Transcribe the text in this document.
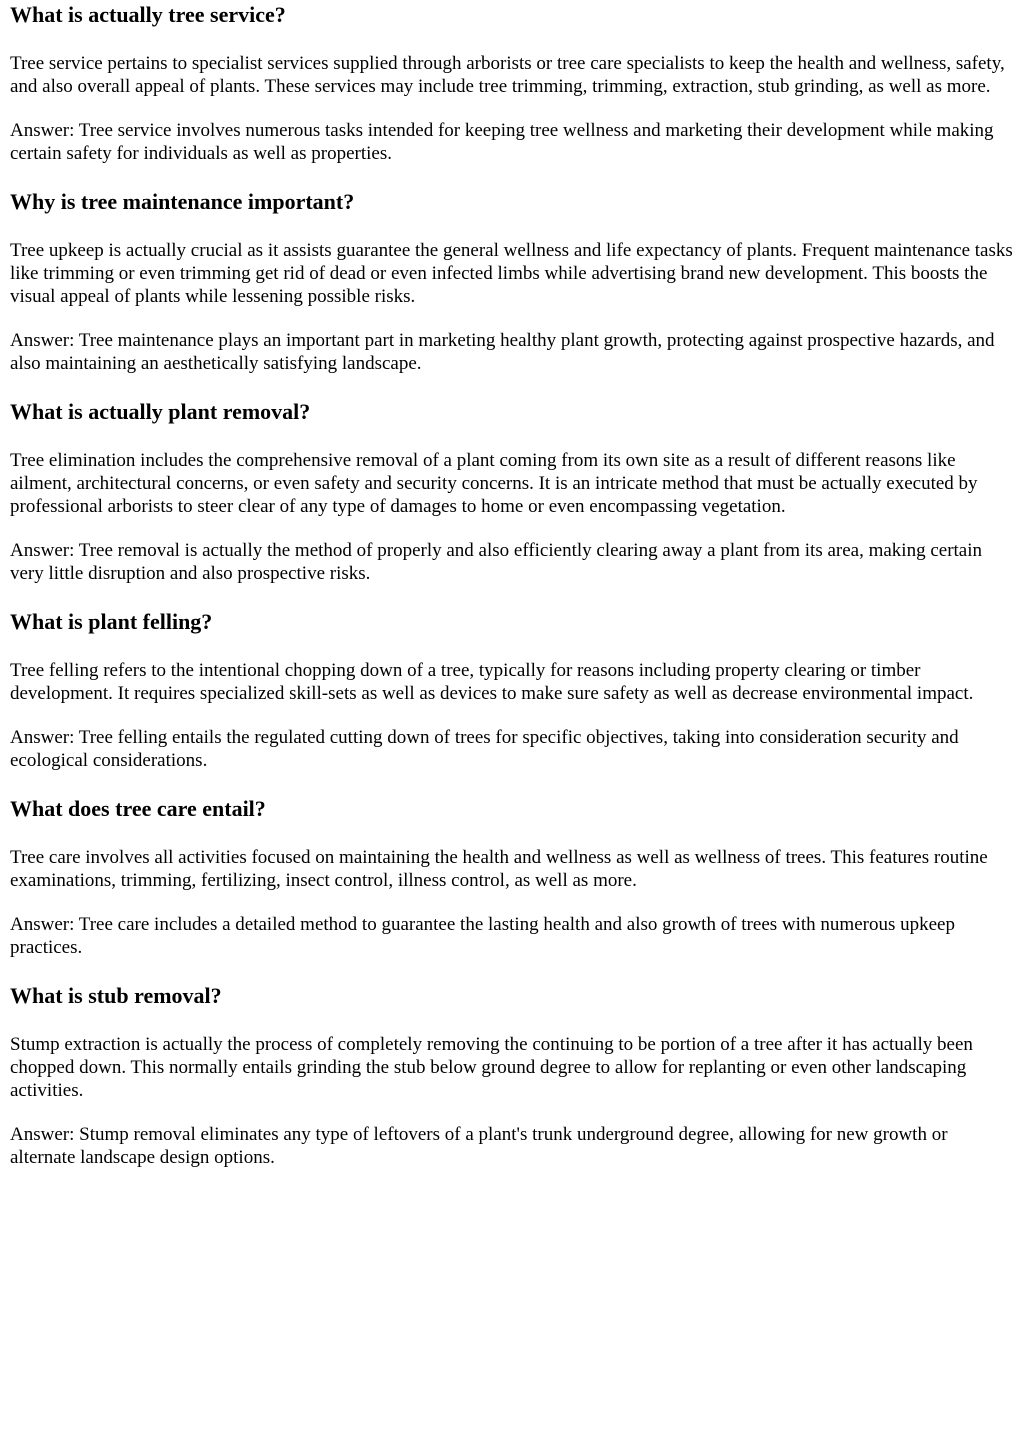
What is actually tree service?

Tree service pertains to specialist services supplied through arborists or tree care specialists to keep the health and wellness, safety, and also overall appeal of plants. These services may include tree trimming, trimming, extraction, stub grinding, as well as more.

Answer: Tree service involves numerous tasks intended for keeping tree wellness and marketing their development while making certain safety for individuals as well as properties.

Why is tree maintenance important?

Tree upkeep is actually crucial as it assists guarantee the general wellness and life expectancy of plants. Frequent maintenance tasks like trimming or even trimming get rid of dead or even infected limbs while advertising brand new development. This boosts the visual appeal of plants while lessening possible risks.

Answer: Tree maintenance plays an important part in marketing healthy plant growth, protecting against prospective hazards, and also maintaining an aesthetically satisfying landscape.

What is actually plant removal?

Tree elimination includes the comprehensive removal of a plant coming from its own site as a result of different reasons like ailment, architectural concerns, or even safety and security concerns. It is an intricate method that must be actually executed by professional arborists to steer clear of any type of damages to home or even encompassing vegetation.

Answer: Tree removal is actually the method of properly and also efficiently clearing away a plant from its area, making certain very little disruption and also prospective risks.

What is plant felling?

Tree felling refers to the intentional chopping down of a tree, typically for reasons including property clearing or timber development. It requires specialized skill-sets as well as devices to make sure safety as well as decrease environmental impact.

Answer: Tree felling entails the regulated cutting down of trees for specific objectives, taking into consideration security and ecological considerations.

What does tree care entail?

Tree care involves all activities focused on maintaining the health and wellness as well as wellness of trees. This features routine examinations, trimming, fertilizing, insect control, illness control, as well as more.

Answer: Tree care includes a detailed method to guarantee the lasting health and also growth of trees with numerous upkeep practices.

What is stub removal?

Stump extraction is actually the process of completely removing the continuing to be portion of a tree after it has actually been chopped down. This normally entails grinding the stub below ground degree to allow for replanting or even other landscaping activities.

Answer: Stump removal eliminates any type of leftovers of a plant's trunk underground degree, allowing for new growth or alternate landscape design options.
